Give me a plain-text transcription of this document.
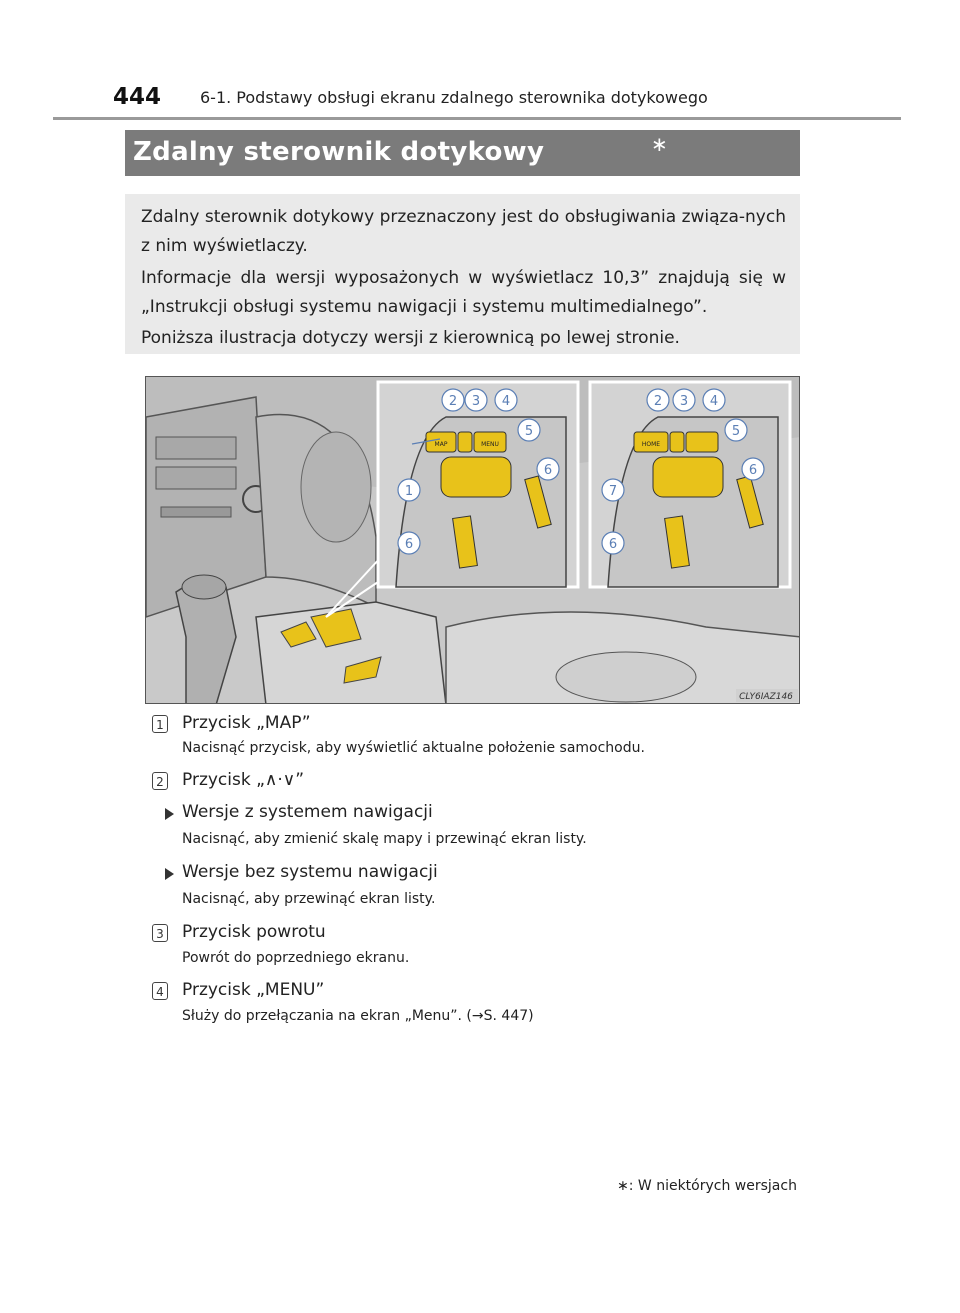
444 6-1. Podstawy obsługi ekranu zdalnego sterownika dotykowego
Zdalny sterownik dotykowy	∗

Zdalny sterownik dotykowy przeznaczony jest do obsługiwania związa-nych z nim wyświetlaczy.

Informacje dla wersji wyposażonych w wyświetlacz 10,3” znajdują się w „Instrukcji obsługi systemu nawigacji i systemu multimedialnego”.

Poniższa ilustracja dotyczy wersji z kierownicą po lewej stronie.

MAP	MENU
2 3 4
5
6
1
6
HOME
2 3 4
5
6
7
6
CLY6IAZ146
1 Przycisk „MAP”
Nacisnąć przycisk, aby wyświetlić aktualne położenie samochodu.
2 Przycisk „∧·∨”
Wersje z systemem nawigacji
Nacisnąć, aby zmienić skalę mapy i przewinąć ekran listy.
Wersje bez systemu nawigacji
Nacisnąć, aby przewinąć ekran listy.
3 Przycisk powrotu
Powrót do poprzedniego ekranu.
4 Przycisk „MENU”
Służy do przełączania na ekran „Menu”. (→S. 447)
∗: W niektórych wersjach
